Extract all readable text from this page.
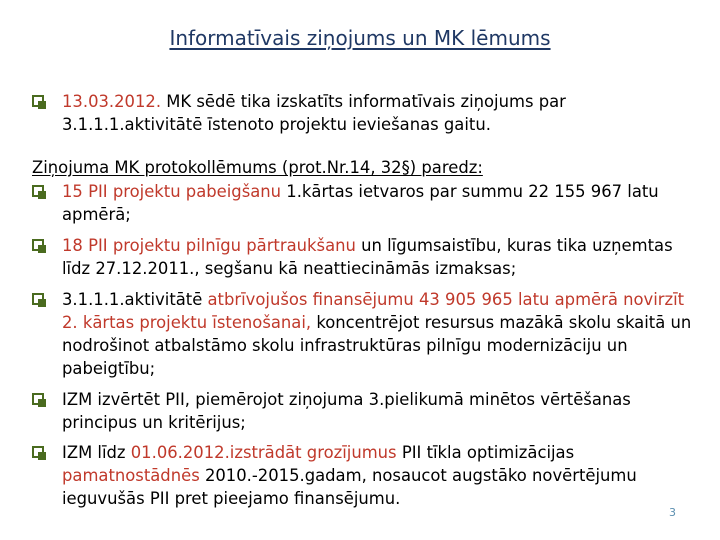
Informatīvais ziņojums un MK lēmums
13.03.2012. MK sēdē tika izskatīts informatīvais ziņojums par 3.1.1.1.aktivitātē īstenoto projektu ieviešanas gaitu.
Ziņojuma MK protokollēmums (prot.Nr.14, 32§) paredz:
15 PII projektu pabeigšanu 1.kārtas ietvaros par summu 22 155 967 latu apmērā;
18 PII projektu pilnīgu pārtraukšanu un līgumsaistību, kuras tika uzņemtas līdz 27.12.2011., segšanu kā neattiecināmās izmaksas;
3.1.1.1.aktivitātē atbrīvojušos finansējumu 43 905 965 latu apmērā novirzīt 2. kārtas projektu īstenošanai, koncentrējot resursus mazākā skolu skaitā un nodrošinot atbalstāmo skolu infrastruktūras pilnīgu modernizāciju un pabeigtību;
IZM izvērtēt PII, piemērojot ziņojuma 3.pielikumā minētos vērtēšanas principus un kritērijus;
IZM līdz 01.06.2012.izstrādāt grozījumus PII tīkla optimizācijas pamatnostādnēs 2010.-2015.gadam, nosaucot augstāko novērtējumu ieguvušās PII pret pieejamo finansējumu.
3
